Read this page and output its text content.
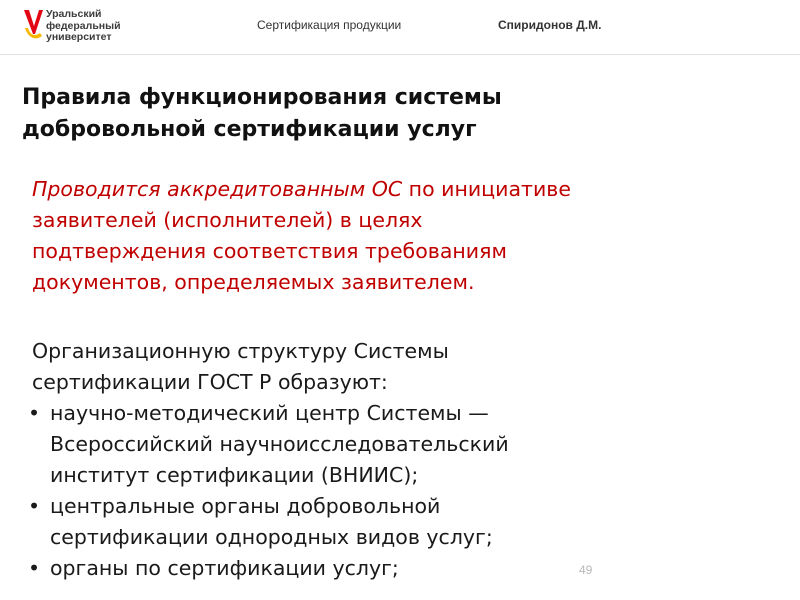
Уральский
федеральный
университет
Сертификация продукции	Спиридонов Д.М.
Правила функционирования системы
добровольной сертификации услуг

Проводится аккредитованным ОС по инициативе
заявителей (исполнителей) в целях
подтверждения соответствия требованиям
документов, определяемых заявителем.

Организационную структуру Системы
сертификации ГОСТ Р образуют:

• научно-методический центр Системы —
Всероссийский научноисследовательский
институт сертификации (ВНИИС);
• центральные органы добровольной
сертификации однородных видов услуг;
• органы по сертификации услуг;	49
